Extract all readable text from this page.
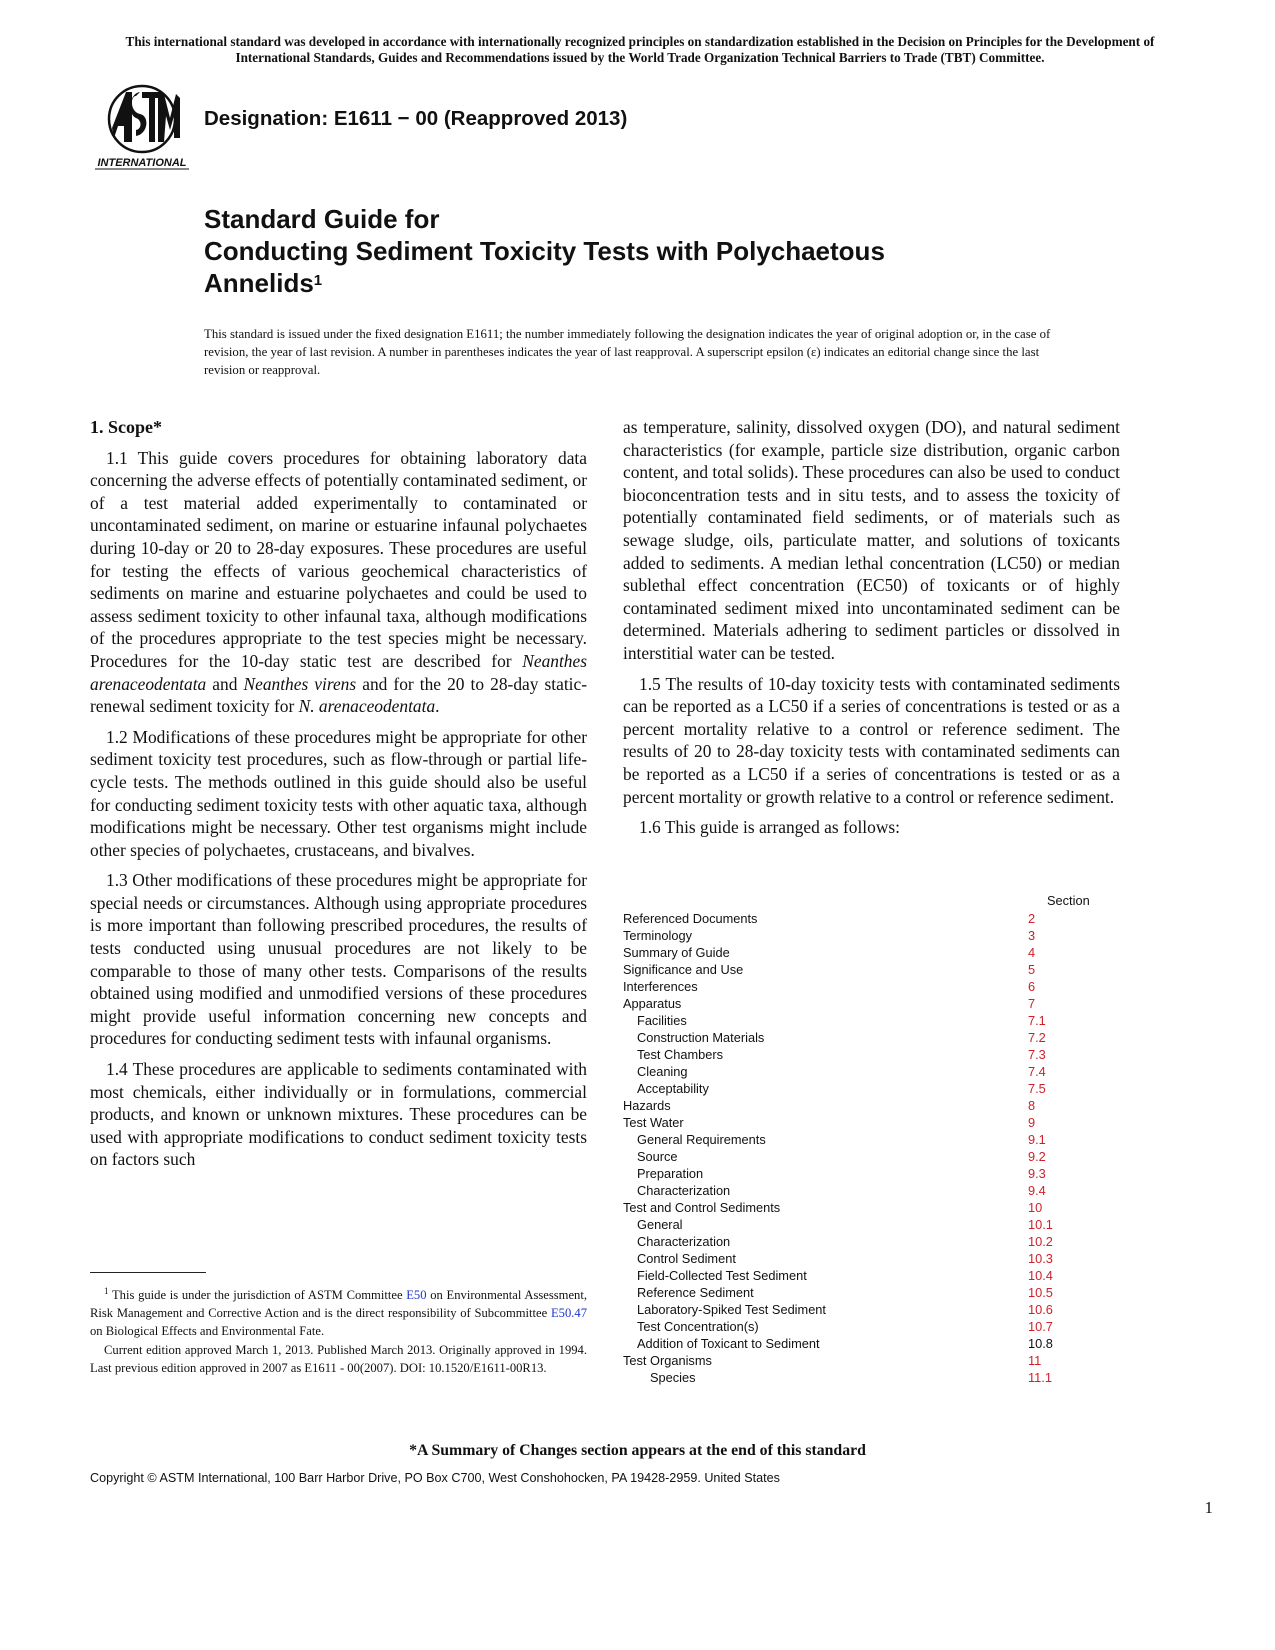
This international standard was developed in accordance with internationally recognized principles on standardization established in the Decision on Principles for the Development of International Standards, Guides and Recommendations issued by the World Trade Organization Technical Barriers to Trade (TBT) Committee.
INTERNATIONAL
Designation: E1611 − 00 (Reapproved 2013)
Standard Guide for
Conducting Sediment Toxicity Tests with Polychaetous
Annelids$^1$
This standard is issued under the fixed designation E1611; the number immediately following the designation indicates the year of original adoption or, in the case of revision, the year of last revision. A number in parentheses indicates the year of last reapproval. A superscript epsilon (ε) indicates an editorial change since the last revision or reapproval.
1. Scope*

1.1 This guide covers procedures for obtaining laboratory data concerning the adverse effects of potentially contaminated sediment, or of a test material added experimentally to contaminated or uncontaminated sediment, on marine or estuarine infaunal polychaetes during 10-day or 20 to 28-day exposures. These procedures are useful for testing the effects of various geochemical characteristics of sediments on marine and estuarine polychaetes and could be used to assess sediment toxicity to other infaunal taxa, although modifications of the procedures appropriate to the test species might be necessary. Procedures for the 10-day static test are described for Neanthes arenaceodentata and Neanthes virens and for the 20 to 28-day static-renewal sediment toxicity for N. arenaceodentata.

1.2 Modifications of these procedures might be appropriate for other sediment toxicity test procedures, such as flow-through or partial life-cycle tests. The methods outlined in this guide should also be useful for conducting sediment toxicity tests with other aquatic taxa, although modifications might be necessary. Other test organisms might include other species of polychaetes, crustaceans, and bivalves.

1.3 Other modifications of these procedures might be appropriate for special needs or circumstances. Although using appropriate procedures is more important than following prescribed procedures, the results of tests conducted using unusual procedures are not likely to be comparable to those of many other tests. Comparisons of the results obtained using modified and unmodified versions of these procedures might provide useful information concerning new concepts and procedures for conducting sediment tests with infaunal organisms.

1.4 These procedures are applicable to sediments contaminated with most chemicals, either individually or in formulations, commercial products, and known or unknown mixtures. These procedures can be used with appropriate modifications to conduct sediment toxicity tests on factors such

as temperature, salinity, dissolved oxygen (DO), and natural sediment characteristics (for example, particle size distribution, organic carbon content, and total solids). These procedures can also be used to conduct bioconcentration tests and in situ tests, and to assess the toxicity of potentially contaminated field sediments, or of materials such as sewage sludge, oils, particulate matter, and solutions of toxicants added to sediments. A median lethal concentration (LC50) or median sublethal effect concentration (EC50) of toxicants or of highly contaminated sediment mixed into uncontaminated sediment can be determined. Materials adhering to sediment particles or dissolved in interstitial water can be tested.

1.5 The results of 10-day toxicity tests with contaminated sediments can be reported as a LC50 if a series of concentrations is tested or as a percent mortality relative to a control or reference sediment. The results of 20 to 28-day toxicity tests with contaminated sediments can be reported as a LC50 if a series of concentrations is tested or as a percent mortality or growth relative to a control or reference sediment.

1.6 This guide is arranged as follows:

Section
Referenced Documents	2
Terminology	3
Summary of Guide	4
Significance and Use	5
Interferences	6
Apparatus	7
Facilities	7.1
Construction Materials	7.2
Test Chambers	7.3
Cleaning	7.4
Acceptability	7.5
Hazards	8
Test Water	9
General Requirements	9.1
Source	9.2
Preparation	9.3
Characterization	9.4
Test and Control Sediments	10
General	10.1
Characterization	10.2
Control Sediment	10.3
Field-Collected Test Sediment	10.4
Reference Sediment	10.5
Laboratory-Spiked Test Sediment	10.6
Test Concentration(s)	10.7
Addition of Toxicant to Sediment	10.8
Test Organisms	11
Species	11.1

$^1$ This guide is under the jurisdiction of ASTM Committee E50 on Environmental Assessment, Risk Management and Corrective Action and is the direct responsibility of Subcommittee E50.47 on Biological Effects and Environmental Fate.

Current edition approved March 1, 2013. Published March 2013. Originally approved in 1994. Last previous edition approved in 2007 as E1611 - 00(2007). DOI: 10.1520/E1611-00R13.

*A Summary of Changes section appears at the end of this standard
Copyright © ASTM International, 100 Barr Harbor Drive, PO Box C700, West Conshohocken, PA 19428-2959. United States
1
